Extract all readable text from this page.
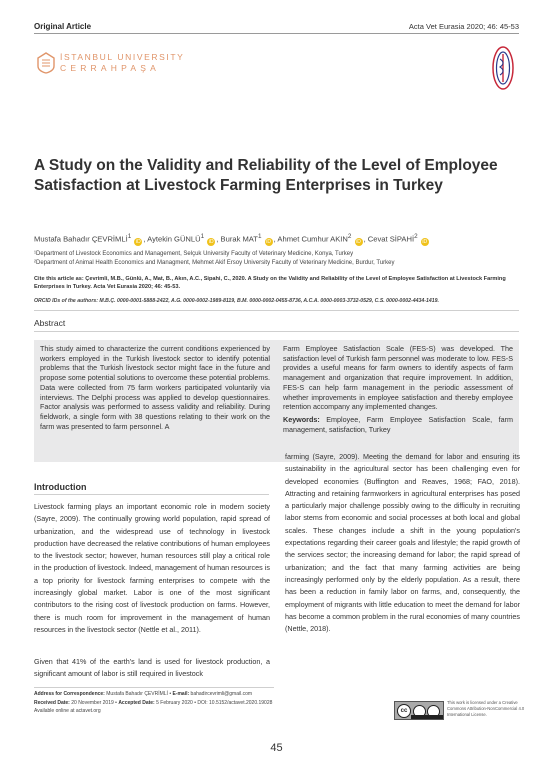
Original Article	Acta Vet Eurasia 2020; 46: 45-53
İSTANBUL UNIVERSITY
CERRAHPAŞA
A Study on the Validity and Reliability of the Level of Employee Satisfaction at Livestock Farming Enterprises in Turkey
Mustafa Bahadır ÇEVRİMLİ$^1$ iD , Aytekin GÜNLÜ$^1$ iD , Burak MAT$^1$ iD , Ahmet Cumhur AKIN$^2$ iD , Cevat SİPAHİ$^2$ iD
¹Department of Livestock Economics and Management, Selçuk University Faculty of Veterinary Medicine, Konya, Turkey
²Department of Animal Health Economics and Managment, Mehmet Akif Ersoy University Faculty of Veterinary Medicine, Burdur, Turkey
Cite this article as: Çevrimli, M.B., Günlü, A., Mat, B., Akın, A.C., Sipahi, C., 2020. A Study on the Validity and Reliability of the Level of Employee Satisfaction at Livestock Farming Enterprises in Turkey. Acta Vet Eurasia 2020; 46: 45-53.
ORCID IDs of the authors: M.B.Ç. 0000-0001-5888-2422, A.G. 0000-0002-1989-8119, B.M. 0000-0002-0455-8736, A.C.A. 0000-0003-3732-0529, C.S. 0000-0002-4434-1419.
Abstract
This study aimed to characterize the current conditions experienced by workers employed in the Turkish livestock sector to identify potential problems that the Turkish livestock sector might face in the future and propose some potential solutions to overcome these potential problems. Data were collected from 75 farm workers participated voluntarily via interviews. The Delphi process was applied to develop questionnaires. Factor analysis was performed to assess validity and reliability. During fieldwork, a single form with 38 questions relating to their work on the farm was presented to farm personnel. A
Farm Employee Satisfaction Scale (FES-S) was developed. The satisfaction level of Turkish farm personnel was moderate to low. FES-S provides a useful means for farm owners to identify aspects of farm management and organization that require improvement. In addition, FES-S can help farm management in the periodic assessment of whether improvements in employee satisfaction and thereby employee retention accompany any implemented changes.
Keywords: Employee, Farm Employee Satisfaction Scale, farm management, satisfaction, Turkey
Introduction
Livestock farming plays an important economic role in modern society (Sayre, 2009). The continually growing world population, rapid spread of urbanization, and the widespread use of technology in livestock production have decreased the relative contributions of human employees to the livestock sector; however, human resources still play a critical role in the production of livestock. Indeed, management of human resources is a top priority for livestock farming enterprises to compete with the increasingly global market. Labor is one of the most significant contributors to the rising cost of livestock production on farms. However, there is much room for improvement in the management of human resources in the livestock sector (Nettle et al., 2011).
Given that 41% of the earth's land is used for livestock production, a significant amount of labor is still required in livestock
farming (Sayre, 2009). Meeting the demand for labor and ensuring its sustainability in the agricultural sector has been challenging even for developed economies (Buffington and Reaves, 1968; FAO, 2018). Attracting and retaining farmworkers in agricultural enterprises has posed a particularly major challenge possibly owing to the difficulty in recruiting labor stems from economic and social processes at both local and global scales. These changes include a shift in the young population's expectations regarding their career goals and lifestyle; the rapid growth of the services sector; the increasing demand for labor; the rapid spread of urbanization; and the fact that many farming activities are being increasingly performed only by the elderly population. As a result, there has been a reduction in family labor on farms, and, consequently, the employment of migrants with little education to meet the demand for labor has become a common problem in the rural economies of many countries (Nettle, 2018).
Address for Correspondence: Mustafa Bahadır ÇEVRİMLİ • E-mail: bahadircevrimli@gmail.com
Received Date: 20 November 2019 • Accepted Date: 5 February 2020 • DOI: 10.5152/actavet.2020.19028
Available online at actavet.org	cc
This work is licensed under a Creative Commons Attribution-NonCommercial 4.0 International License.
45
